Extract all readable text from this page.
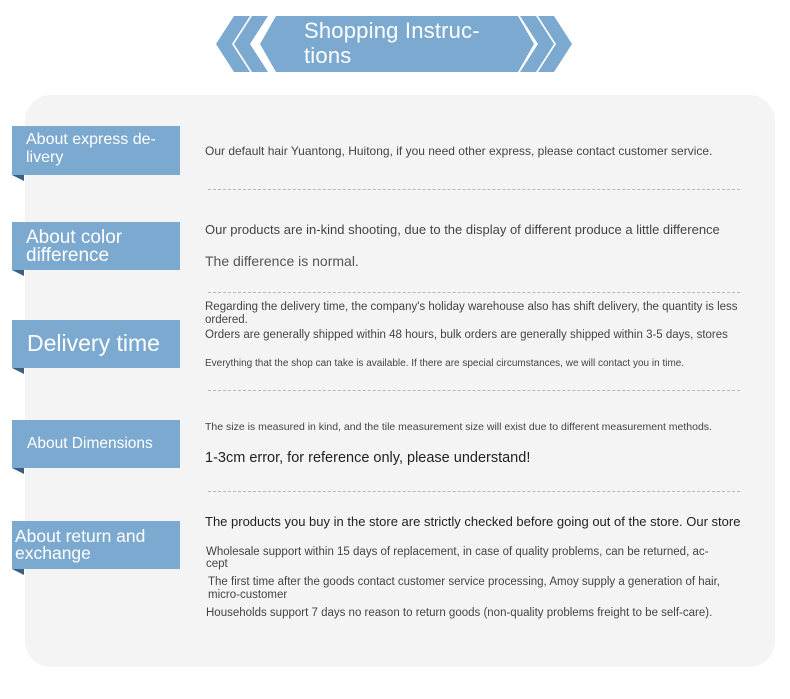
Shopping Instruc-
tions
About express de-
livery	Our default hair Yuantong, Huitong, if you need other express, please contact customer service.
About color
difference
Our products are in-kind shooting, due to the display of different produce a little difference
The difference is normal.
Delivery time
Regarding the delivery time, the company's holiday warehouse also has shift delivery, the quantity is less ordered.
Orders are generally shipped within 48 hours, bulk orders are generally shipped within 3-5 days, stores
Everything that the shop can take is available. If there are special circumstances, we will contact you in time.
About Dimensions
The size is measured in kind, and the tile measurement size will exist due to different measurement methods.
1-3cm error, for reference only, please understand!
About return and
exchange
The products you buy in the store are strictly checked before going out of the store. Our store
Wholesale support within 15 days of replacement, in case of quality problems, can be returned, ac-
cept
The first time after the goods contact customer service processing, Amoy supply a generation of hair, micro-customer
Households support 7 days no reason to return goods (non-quality problems freight to be self-care).
